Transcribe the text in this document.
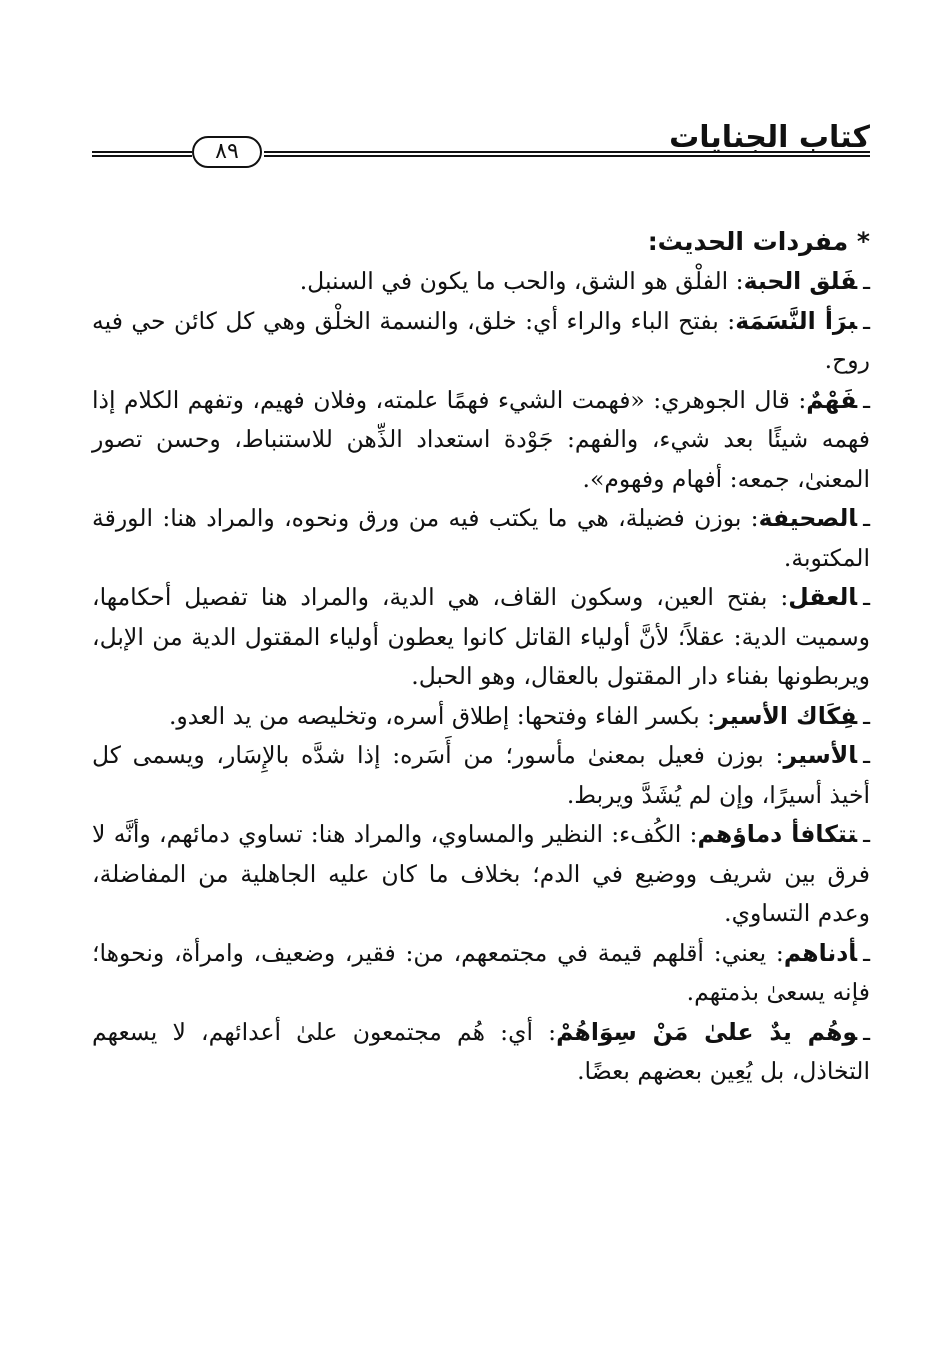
٨٩	كتاب الجنايات
* مفردات الحديث:

ـفَلق الحبة: الفلْق هو الشق، والحب ما يكون في السنبل.

ـبرَأ النَّسَمَة: بفتح الباء والراء أي: خلق، والنسمة الخلْق وهي كل كائن حي فيه روح.

ـفَهْمٌ: قال الجوهري: «فهمت الشيء فهمًا علمته، وفلان فهيم، وتفهم الكلام إذا فهمه شيئًا بعد شيء، والفهم: جَوْدة استعداد الذِّهن للاستنباط، وحسن تصور المعنىٰ، جمعه: أفهام وفهوم».

ـالصحيفة: بوزن فضيلة، هي ما يكتب فيه من ورق ونحوه، والمراد هنا: الورقة المكتوبة.

ـالعقل: بفتح العين، وسكون القاف، هي الدية، والمراد هنا تفصيل أحكامها، وسميت الدية: عقلاً؛ لأنَّ أولياء القاتل كانوا يعطون أولياء المقتول الدية من الإبل، ويربطونها بفناء دار المقتول بالعقال، وهو الحبل.

ـفِكَاك الأسير: بكسر الفاء وفتحها: إطلاق أسره، وتخليصه من يد العدو.

ـالأسير: بوزن فعيل بمعنىٰ مأسور؛ من أَسَره: إذا شدَّه بالإِسَار، ويسمى كل أخيذ أسيرًا، وإن لم يُشَدَّ ويربط.

ـتتكافأ دماؤهم: الكُفء: النظير والمساوي، والمراد هنا: تساوي دمائهم، وأنَّه لا فرق بين شريف ووضيع في الدم؛ بخلاف ما كان عليه الجاهلية من المفاضلة، وعدم التساوي.

ـأدناهم: يعني: أقلهم قيمة في مجتمعهم، من: فقير، وضعيف، وامرأة، ونحوها؛ فإنه يسعىٰ بذمتهم.

ـوهُم يدٌ علىٰ مَنْ سِوَاهُمْ: أي: هُم مجتمعون علىٰ أعدائهم، لا يسعهم التخاذل، بل يُعِين بعضهم بعضًا.
